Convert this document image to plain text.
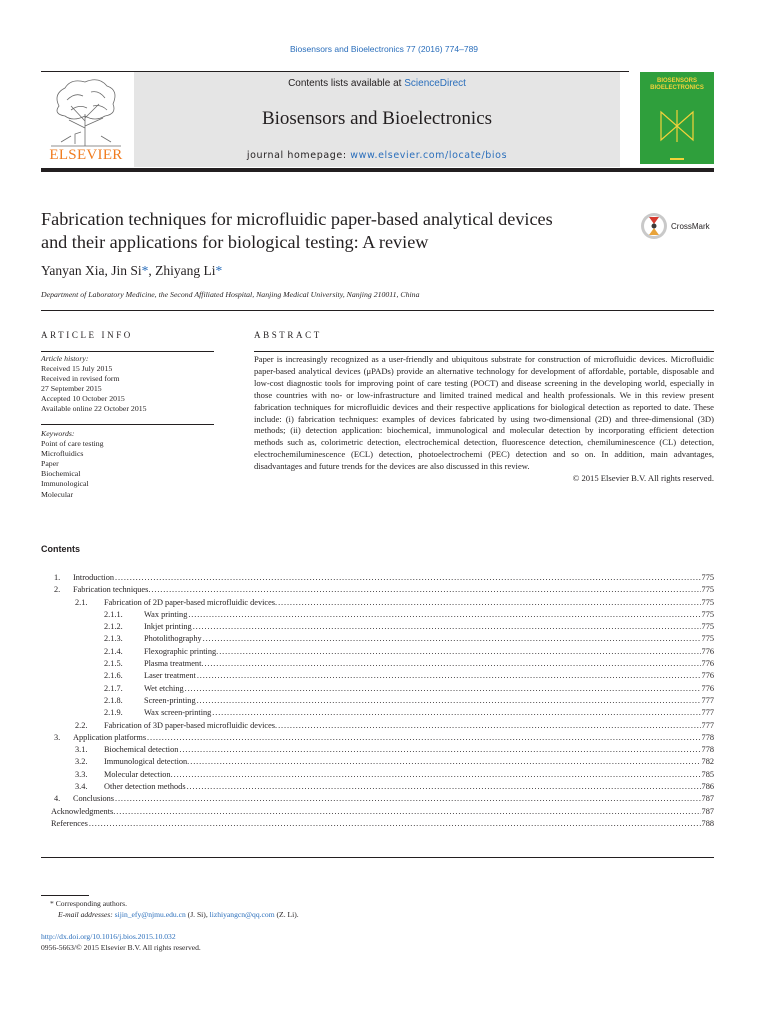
Biosensors and Bioelectronics 77 (2016) 774–789
ELSEVIER
Contents lists available at ScienceDirect
Biosensors and Bioelectronics
journal homepage: www.elsevier.com/locate/bios
BIOSENSORS
BIOELECTRONICS
Fabrication techniques for microfluidic paper-based analytical devices
and their applications for biological testing: A review
CrossMark
Yanyan Xia, Jin Si*, Zhiyang Li*
Department of Laboratory Medicine, the Second Affiliated Hospital, Nanjing Medical University, Nanjing 210011, China
ARTICLE INFO
Article history:
Received 15 July 2015
Received in revised form
27 September 2015
Accepted 10 October 2015
Available online 22 October 2015
Keywords:
Point of care testing
Microfluidics
Paper
Biochemical
Immunological
Molecular
ABSTRACT

Paper is increasingly recognized as a user-friendly and ubiquitous substrate for construction of microfluidic devices. Microfluidic paper-based analytical devices (μPADs) provide an alternative technology for development of affordable, portable, disposable and low-cost diagnostic tools for improving point of care testing (POCT) and disease screening in the developing world, especially in those countries with no- or low-infrastructure and limited trained medical and health professionals. We in this review present fabrication techniques for microfluidic devices and their respective applications for biological detection as reported to date. These include: (i) fabrication techniques: examples of devices fabricated by using two-dimensional (2D) and three-dimensional (3D) methods; (ii) detection application: biochemical, immunological and molecular detection by incorporating efficient detection methods such as, colorimetric detection, electrochemical detection, fluorescence detection, chemiluminescence (CL) detection, electrochemiluminescence (ECL) detection, photoelectrochemi (PEC) detection and so on. In addition, main advantages, disadvantages and future trends for the devices are also discussed in this review.

© 2015 Elsevier B.V. All rights reserved.

Contents
1.	Introduction . . .	775
2.	Fabrication techniques. . . .	775
2.1.	Fabrication of 2D paper-based microfluidic devices. . . .	775
2.1.1.	Wax printing . . .	775
2.1.2.	Inkjet printing . . .	775
2.1.3.	Photolithography . . .	775
2.1.4.	Flexographic printing. . . .	776
2.1.5.	Plasma treatment. . . .	776
2.1.6.	Laser treatment . . .	776
2.1.7.	Wet etching . . .	776
2.1.8.	Screen-printing . . .	777
2.1.9.	Wax screen-printing . . .	777
2.2.	Fabrication of 3D paper-based microfluidic devices. . . .	777
3.	Application platforms . . .	778
3.1.	Biochemical detection . . .	778
3.2.	Immunological detection. . . .	782
3.3.	Molecular detection. . . .	785
3.4.	Other detection methods . . .	786
4.	Conclusions . . .	787
Acknowledgments. . . .	787
References . . .	788
* Corresponding authors.
E-mail addresses: sijin_efy@njmu.edu.cn (J. Si), lizhiyangcn@qq.com (Z. Li).
http://dx.doi.org/10.1016/j.bios.2015.10.032
0956-5663/© 2015 Elsevier B.V. All rights reserved.
